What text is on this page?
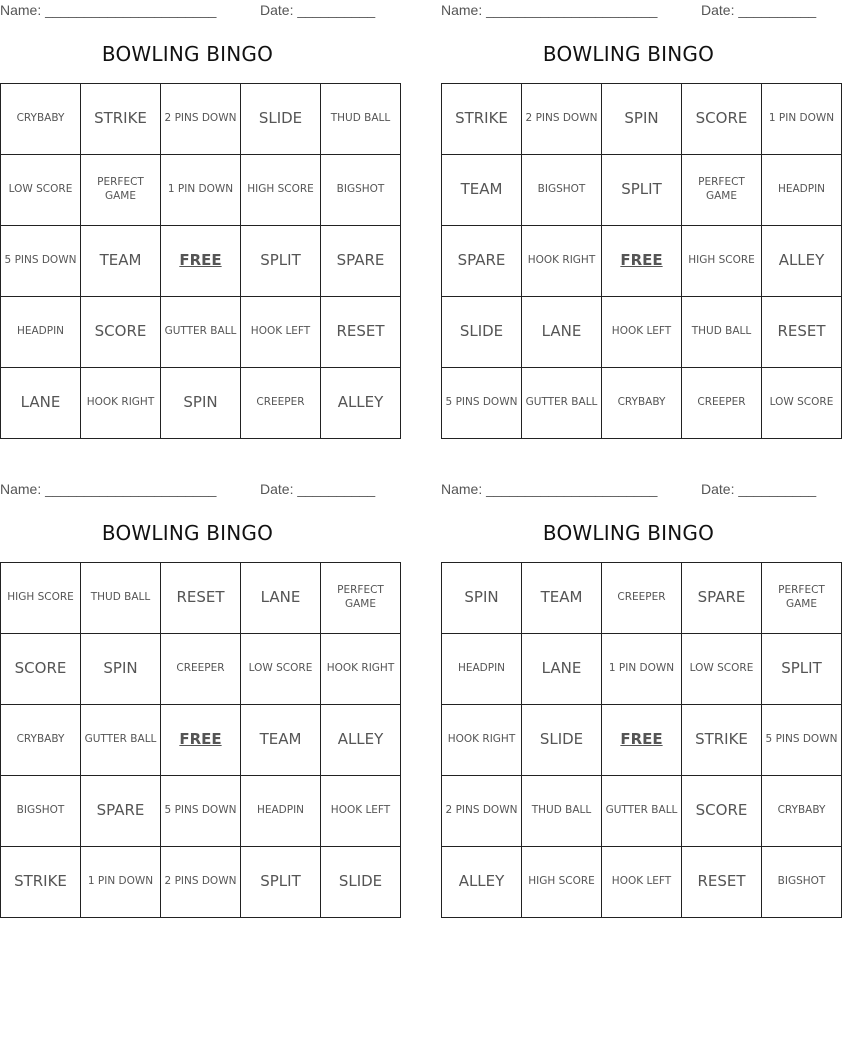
Name: ______________________	Date: __________
BOWLING BINGO
CRYBABY	STRIKE	2 PINS DOWN	SLIDE	THUD BALL
LOW SCORE	PERFECT GAME	1 PIN DOWN	HIGH SCORE	BIGSHOT
5 PINS DOWN	TEAM	FREE	SPLIT	SPARE
HEADPIN	SCORE	GUTTER BALL	HOOK LEFT	RESET
LANE	HOOK RIGHT	SPIN	CREEPER	ALLEY
Name: ______________________	Date: __________
BOWLING BINGO
STRIKE	2 PINS DOWN	SPIN	SCORE	1 PIN DOWN
TEAM	BIGSHOT	SPLIT	PERFECT GAME	HEADPIN
SPARE	HOOK RIGHT	FREE	HIGH SCORE	ALLEY
SLIDE	LANE	HOOK LEFT	THUD BALL	RESET
5 PINS DOWN	GUTTER BALL	CRYBABY	CREEPER	LOW SCORE
Name: ______________________	Date: __________
BOWLING BINGO
HIGH SCORE	THUD BALL	RESET	LANE	PERFECT GAME
SCORE	SPIN	CREEPER	LOW SCORE	HOOK RIGHT
CRYBABY	GUTTER BALL	FREE	TEAM	ALLEY
BIGSHOT	SPARE	5 PINS DOWN	HEADPIN	HOOK LEFT
STRIKE	1 PIN DOWN	2 PINS DOWN	SPLIT	SLIDE
Name: ______________________	Date: __________
BOWLING BINGO
SPIN	TEAM	CREEPER	SPARE	PERFECT GAME
HEADPIN	LANE	1 PIN DOWN	LOW SCORE	SPLIT
HOOK RIGHT	SLIDE	FREE	STRIKE	5 PINS DOWN
2 PINS DOWN	THUD BALL	GUTTER BALL	SCORE	CRYBABY
ALLEY	HIGH SCORE	HOOK LEFT	RESET	BIGSHOT
